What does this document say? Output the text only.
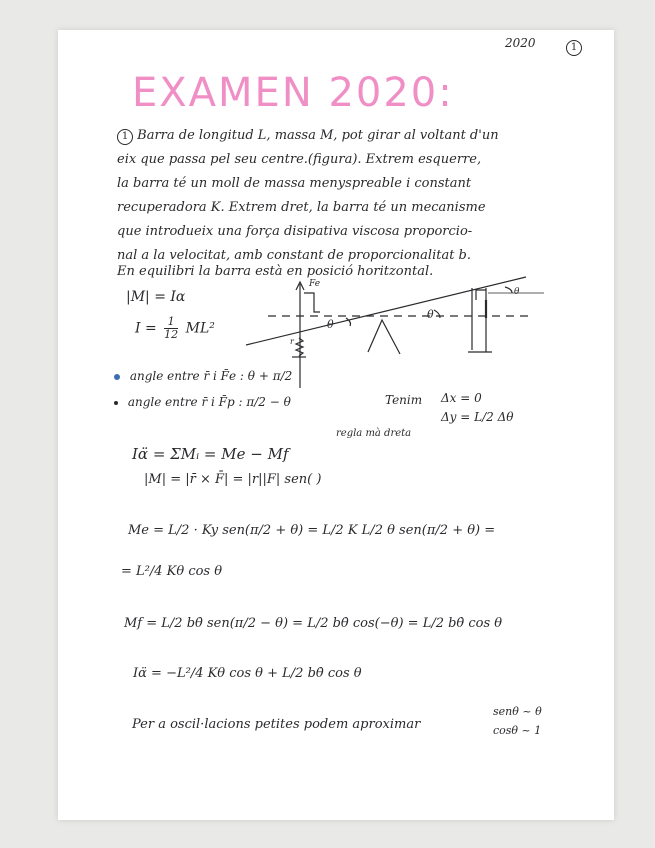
2020	1
EXAMEN 2020:
1 Barra de longitud L, massa M, pot girar al voltant d'un
eix que passa pel seu centre.(figura). Extrem esquerre,
la barra té un moll de massa menyspreable i constant
recuperadora K. Extrem dret, la barra té un mecanisme
que introdueix una força disipativa viscosa proporcio-
nal a la velocitat, amb constant de proporcionalitat b.
En equilibri la barra està en posició horitzontal.
|M| = Iα
$I = \frac{1}{12} ML^2$
Fe
θ
θ
θ
r
angle entre r̄ i F̄e : θ + π/2
angle entre r̄ i F̄p : π/2 − θ	Tenim Δx = 0
Δy = L/2 Δθ
regla mà dreta
Iα̈ = ΣMᵢ = Me − Mf
|M| = |r̄ × F̄| = |r||F| sen( )
Me = L/2 · Ky sen(π/2 + θ) = L/2 K L/2 θ sen(π/2 + θ) =
= L²/4 Kθ cos θ
Mf = L/2 bθ̇ sen(π/2 − θ) = L/2 bθ̇ cos(−θ) = L/2 bθ̇ cos θ
Iα̈ = −L²/4 Kθ cos θ + L/2 bθ̇ cos θ
Per a oscil·lacions petites podem aproximar
senθ ~ θ
cosθ ~ 1
